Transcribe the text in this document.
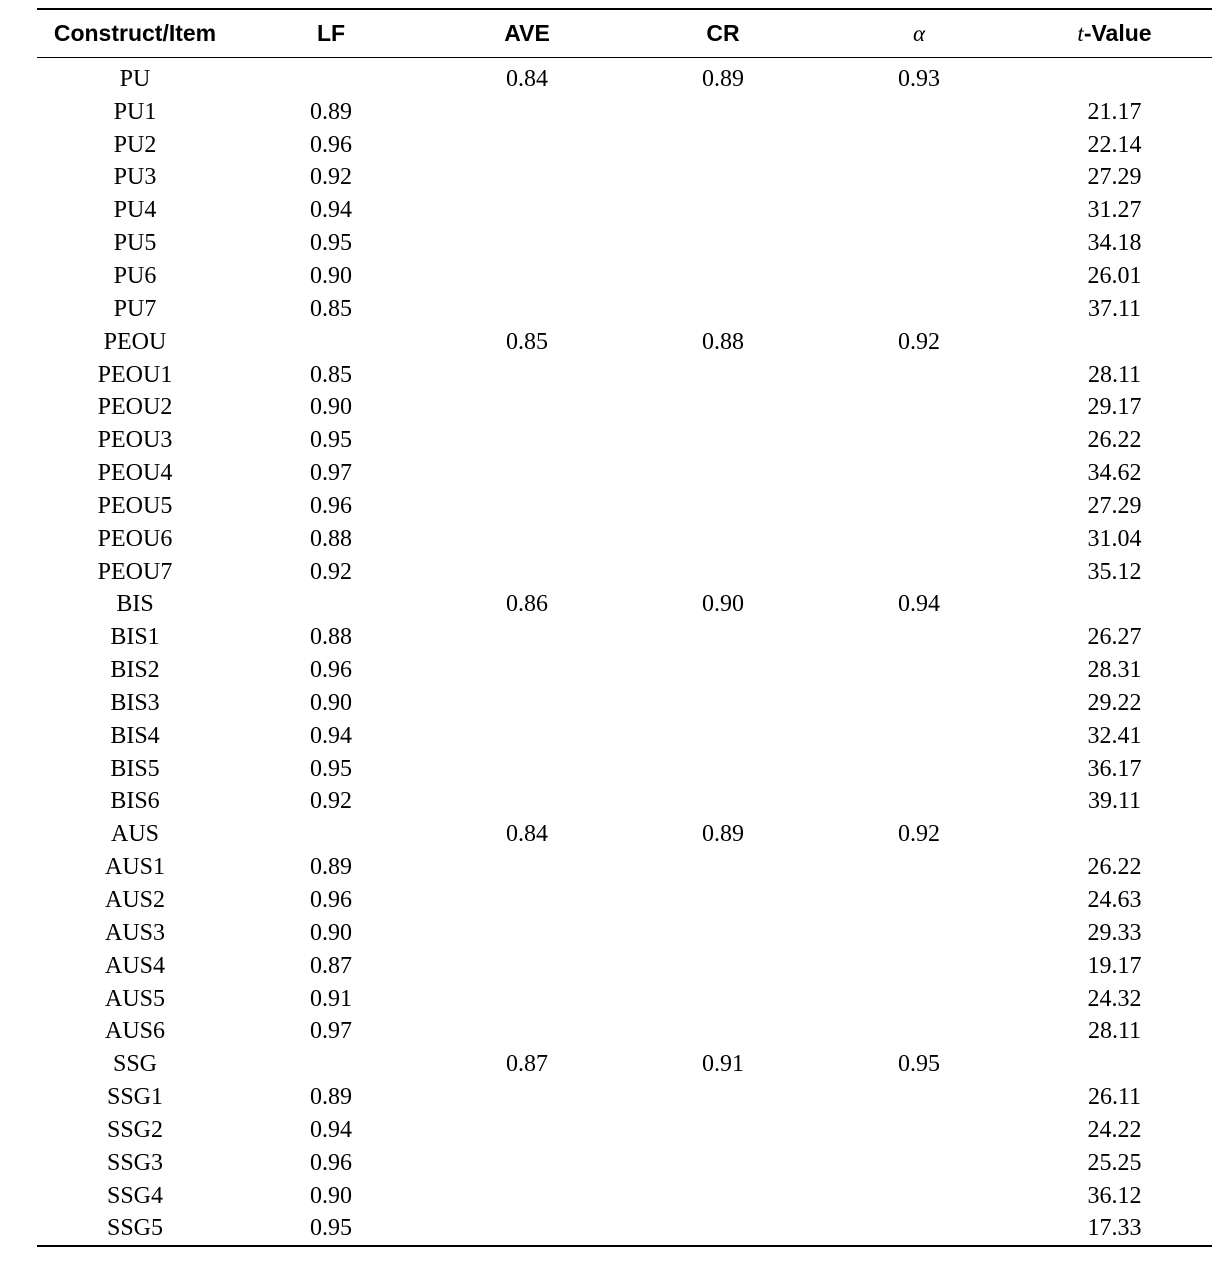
Construct/Item	LF	AVE	CR	α	t-Value
PU		0.84	0.89	0.93	
PU1	0.89				21.17
PU2	0.96				22.14
PU3	0.92				27.29
PU4	0.94				31.27
PU5	0.95				34.18
PU6	0.90				26.01
PU7	0.85				37.11
PEOU		0.85	0.88	0.92	
PEOU1	0.85				28.11
PEOU2	0.90				29.17
PEOU3	0.95				26.22
PEOU4	0.97				34.62
PEOU5	0.96				27.29
PEOU6	0.88				31.04
PEOU7	0.92				35.12
BIS		0.86	0.90	0.94	
BIS1	0.88				26.27
BIS2	0.96				28.31
BIS3	0.90				29.22
BIS4	0.94				32.41
BIS5	0.95				36.17
BIS6	0.92				39.11
AUS		0.84	0.89	0.92	
AUS1	0.89				26.22
AUS2	0.96				24.63
AUS3	0.90				29.33
AUS4	0.87				19.17
AUS5	0.91				24.32
AUS6	0.97				28.11
SSG		0.87	0.91	0.95	
SSG1	0.89				26.11
SSG2	0.94				24.22
SSG3	0.96				25.25
SSG4	0.90				36.12
SSG5	0.95				17.33
